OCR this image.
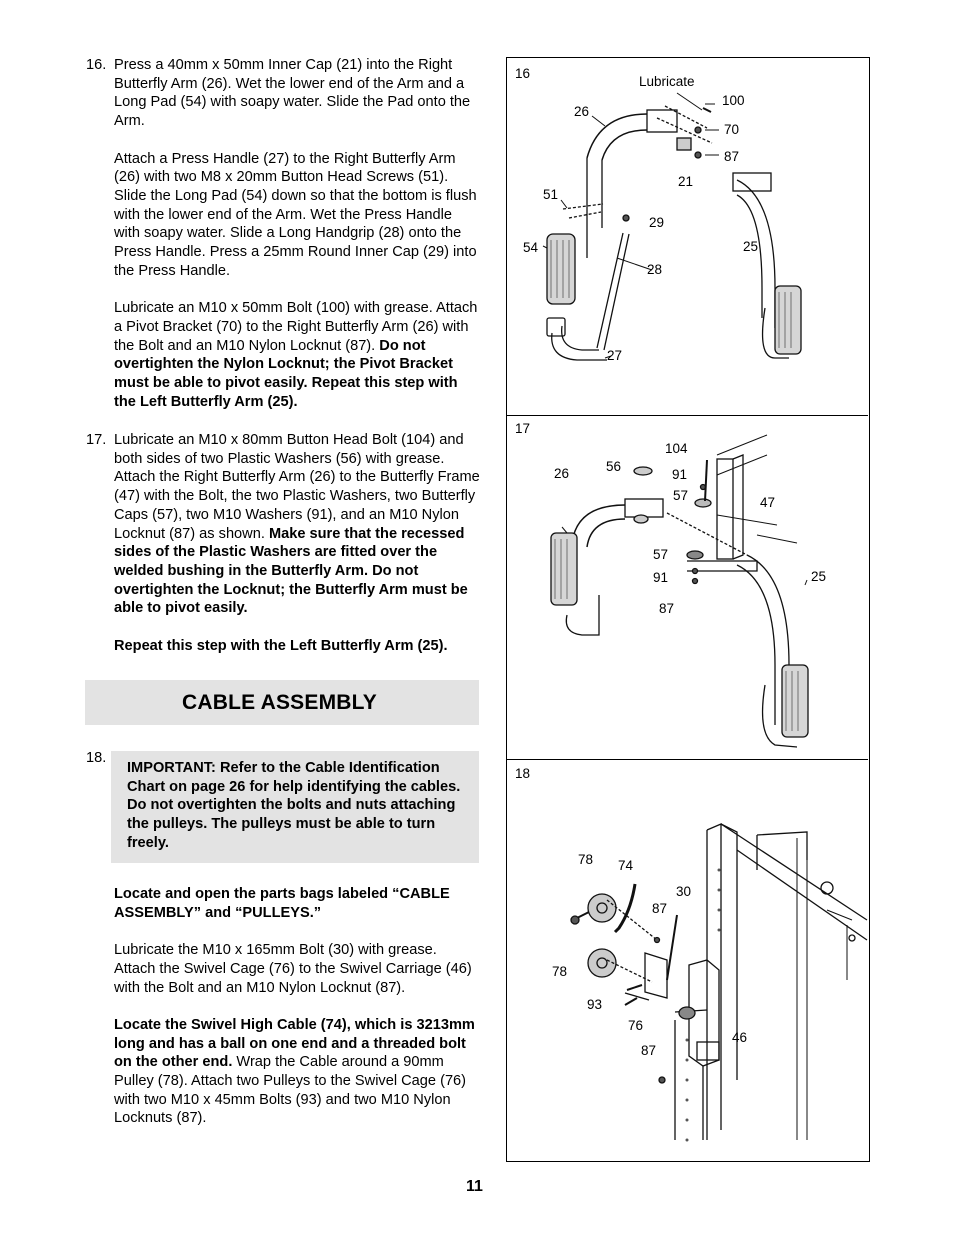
16. Press a 40mm x 50mm Inner Cap (21) into the Right Butterfly Arm (26). Wet the lower end of the Arm and a Long Pad (54) with soapy water. Slide the Pad onto the Arm.

Attach a Press Handle (27) to the Right Butterfly Arm (26) with two M8 x 20mm Button Head Screws (51). Slide the Long Pad (54) down so that the bottom is flush with the lower end of the Arm. Wet the Press Handle with soapy water. Slide a Long Handgrip (28) onto the Press Handle. Press a 25mm Round Inner Cap (29) into the Press Handle.

Lubricate an M10 x 50mm Bolt (100) with grease. Attach a Pivot Bracket (70) to the Right Butterfly Arm (26) with the Bolt and an M10 Nylon Locknut (87). Do not overtighten the Nylon Locknut; the Pivot Bracket must be able to pivot easily. Repeat this step with the Left Butterfly Arm (25).

17. Lubricate an M10 x 80mm Button Head Bolt (104) and both sides of two Plastic Washers (56) with grease. Attach the Right Butterfly Arm (26) to the Butterfly Frame (47) with the Bolt, the two Plastic Washers, two Butterfly Caps (57), two M10 Washers (91), and an M10 Nylon Locknut (87) as shown. Make sure that the recessed sides of the Plastic Washers are fitted over the welded bushing in the Butterfly Arm. Do not overtighten the Locknut; the Butterfly Arm must be able to pivot easily.

Repeat this step with the Left Butterfly Arm (25).

CABLE ASSEMBLY
18.
IMPORTANT: Refer to the Cable Identification Chart on page 26 for help identifying the cables. Do not overtighten the bolts and nuts attaching the pulleys. The pulleys must be able to turn freely.

Locate and open the parts bags labeled “CABLE ASSEMBLY” and “PULLEYS.”

Lubricate the M10 x 165mm Bolt (30) with grease. Attach the Swivel Cage (76) to the Swivel Carriage (46) with the Bolt and an M10 Nylon Locknut (87).

Locate the Swivel High Cable (74), which is 3213mm long and has a ball on one end and a threaded bolt on the other end. Wrap the Cable around a 90mm Pulley (78). Attach two Pulleys to the Swivel Cage (76) with two M10 x 45mm Bolts (93) and two M10 Nylon Locknuts (87).

16
Lubricate
100
26
70
87
21
51
29
54	25
28
27
17
104
26	56
91
57	47
57
91	25
87
18
78 74
30
87
78
93
76
46
87
11
